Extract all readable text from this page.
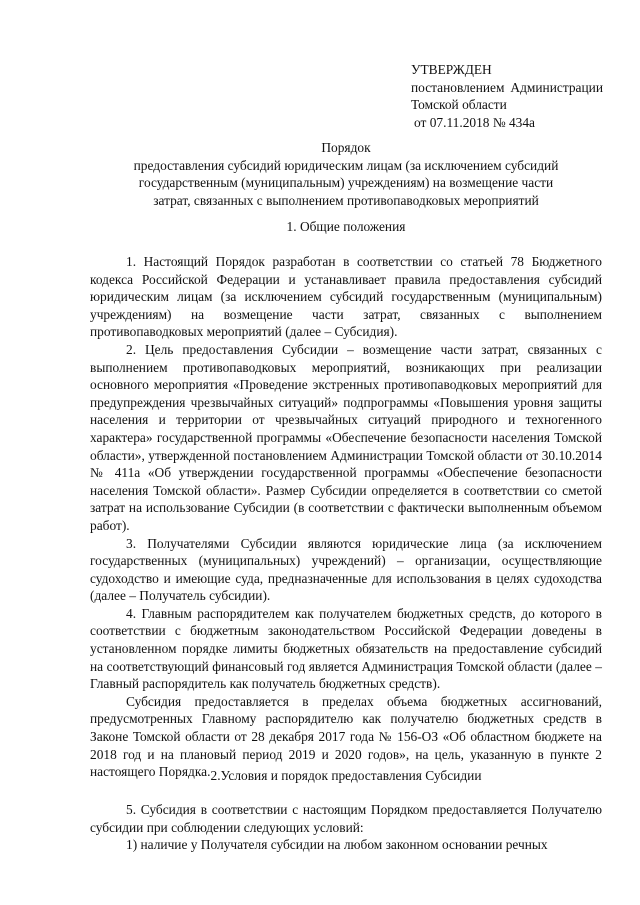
УТВЕРЖДЕН
постановлением Администрации
Томской области
от 07.11.2018 № 434а
Порядок
предоставления субсидий юридическим лицам (за исключением субсидий
государственным (муниципальным) учреждениям) на возмещение части
затрат, связанных с выполнением противопаводковых мероприятий
1. Общие положения

1. Настоящий Порядок разработан в соответствии со статьей 78 Бюджетного кодекса Российской Федерации и устанавливает правила предоставления субсидий юридическим лицам (за исключением субсидий государственным (муниципальным) учреждениям) на возмещение части затрат, связанных с выполнением противопаводковых мероприятий (далее – Субсидия).

2. Цель предоставления Субсидии – возмещение части затрат, связанных с выполнением противопаводковых мероприятий, возникающих при реализации основного мероприятия «Проведение экстренных противопаводковых мероприятий для предупреждения чрезвычайных ситуаций» подпрограммы «Повышения уровня защиты населения и территории от чрезвычайных ситуаций природного и техногенного характера» государственной программы «Обеспечение безопасности населения Томской области», утвержденной постановлением Администрации Томской области от 30.10.2014 № 411а «Об утверждении государственной программы «Обеспечение безопасности населения Томской области». Размер Субсидии определяется в соответствии со сметой затрат на использование Субсидии (в соответствии с фактически выполненным объемом работ).

3. Получателями Субсидии являются юридические лица (за исключением государственных (муниципальных) учреждений) – организации, осуществляющие судоходство и имеющие суда, предназначенные для использования в целях судоходства (далее – Получатель субсидии).

4. Главным распорядителем как получателем бюджетных средств, до которого в соответствии с бюджетным законодательством Российской Федерации доведены в установленном порядке лимиты бюджетных обязательств на предоставление субсидий на соответствующий финансовый год является Администрация Томской области (далее – Главный распорядитель как получатель бюджетных средств).

Субсидия предоставляется в пределах объема бюджетных ассигнований, предусмотренных Главному распорядителю как получателю бюджетных средств в Законе Томской области от 28 декабря 2017 года № 156-ОЗ «Об областном бюджете на 2018 год и на плановый период 2019 и 2020 годов», на цель, указанную в пункте 2 настоящего Порядка. 2.Условия и порядок предоставления Субсидии

5. Субсидия в соответствии с настоящим Порядком предоставляется Получателю субсидии при соблюдении следующих условий:

1) наличие у Получателя субсидии на любом законном основании речных
